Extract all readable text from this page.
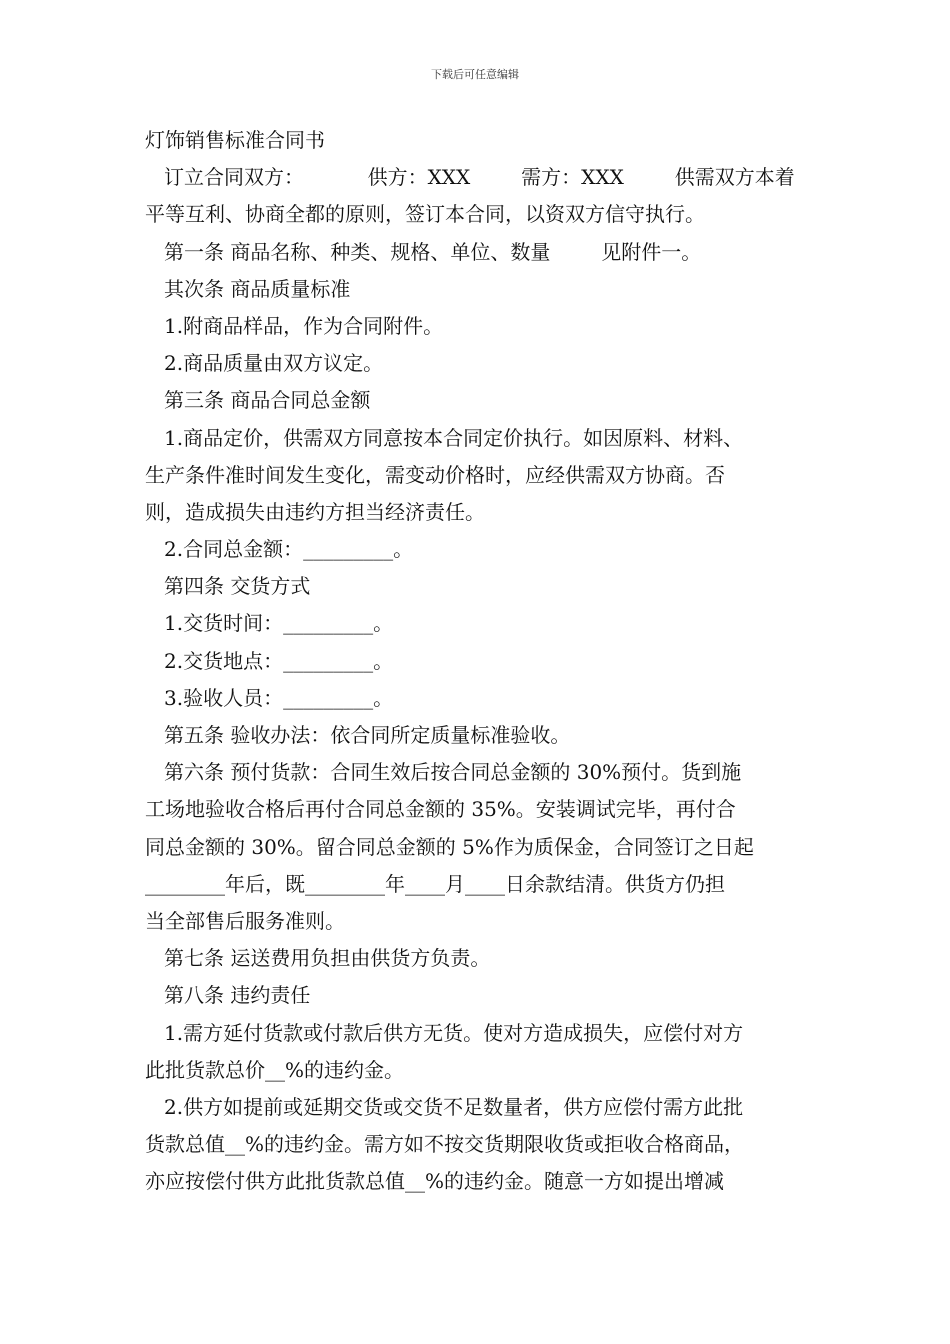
下载后可任意编辑
灯饰销售标准合同书
订立合同双方：          供方：XXX        需方：XXX        供需双方本着
平等互利、协商全都的原则，签订本合同，以资双方信守执行。
第一条 商品名称、种类、规格、单位、数量        见附件一。
其次条 商品质量标准
1.附商品样品，作为合同附件。
2.商品质量由双方议定。
第三条 商品合同总金额
1.商品定价，供需双方同意按本合同定价执行。如因原料、材料、
生产条件准时间发生变化，需变动价格时，应经供需双方协商。否
则，造成损失由违约方担当经济责任。
2.合同总金额：_________。
第四条 交货方式
1.交货时间：_________。
2.交货地点：_________。
3.验收人员：_________。
第五条 验收办法：依合同所定质量标准验收。
第六条 预付货款：合同生效后按合同总金额的 30%预付。货到施
工场地验收合格后再付合同总金额的 35%。安装调试完毕，再付合
同总金额的 30%。留合同总金额的 5%作为质保金，合同签订之日起
________年后，既________年____月____日余款结清。供货方仍担
当全部售后服务准则。
第七条 运送费用负担由供货方负责。
第八条 违约责任
1.需方延付货款或付款后供方无货。使对方造成损失，应偿付对方
此批货款总价__%的违约金。
2.供方如提前或延期交货或交货不足数量者，供方应偿付需方此批
货款总值__%的违约金。需方如不按交货期限收货或拒收合格商品，
亦应按偿付供方此批货款总值__%的违约金。随意一方如提出增减
